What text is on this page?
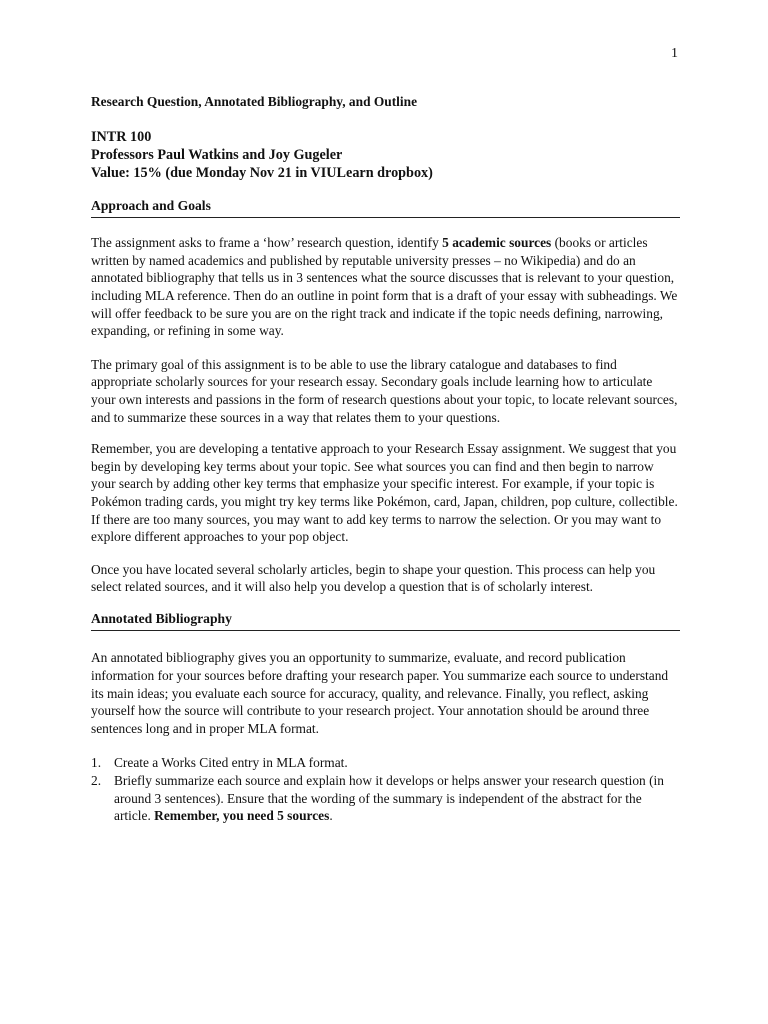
1

Research Question, Annotated Bibliography, and Outline

INTR 100
Professors Paul Watkins and Joy Gugeler
Value: 15% (due Monday Nov 21 in VIULearn dropbox)
Approach and Goals

The assignment asks to frame a ‘how’ research question, identify 5 academic sources (books or articles written by named academics and published by reputable university presses – no Wikipedia) and do an annotated bibliography that tells us in 3 sentences what the source discusses that is relevant to your question, including MLA reference. Then do an outline in point form that is a draft of your essay with subheadings. We will offer feedback to be sure you are on the right track and indicate if the topic needs defining, narrowing, expanding, or refining in some way.

The primary goal of this assignment is to be able to use the library catalogue and databases to find appropriate scholarly sources for your research essay. Secondary goals include learning how to articulate your own interests and passions in the form of research questions about your topic, to locate relevant sources, and to summarize these sources in a way that relates them to your questions.

Remember, you are developing a tentative approach to your Research Essay assignment. We suggest that you begin by developing key terms about your topic. See what sources you can find and then begin to narrow your search by adding other key terms that emphasize your specific interest. For example, if your topic is Pokémon trading cards, you might try key terms like Pokémon, card, Japan, children, pop culture, collectible. If there are too many sources, you may want to add key terms to narrow the selection. Or you may want to explore different approaches to your pop object.

Once you have located several scholarly articles, begin to shape your question. This process can help you select related sources, and it will also help you develop a question that is of scholarly interest.

Annotated Bibliography

An annotated bibliography gives you an opportunity to summarize, evaluate, and record publication information for your sources before drafting your research paper. You summarize each source to understand its main ideas; you evaluate each source for accuracy, quality, and relevance. Finally, you reflect, asking yourself how the source will contribute to your research project. Your annotation should be around three sentences long and in proper MLA format.

1. Create a Works Cited entry in MLA format.
2. Briefly summarize each source and explain how it develops or helps answer your research question (in around 3 sentences). Ensure that the wording of the summary is independent of the abstract for the article. Remember, you need 5 sources.
